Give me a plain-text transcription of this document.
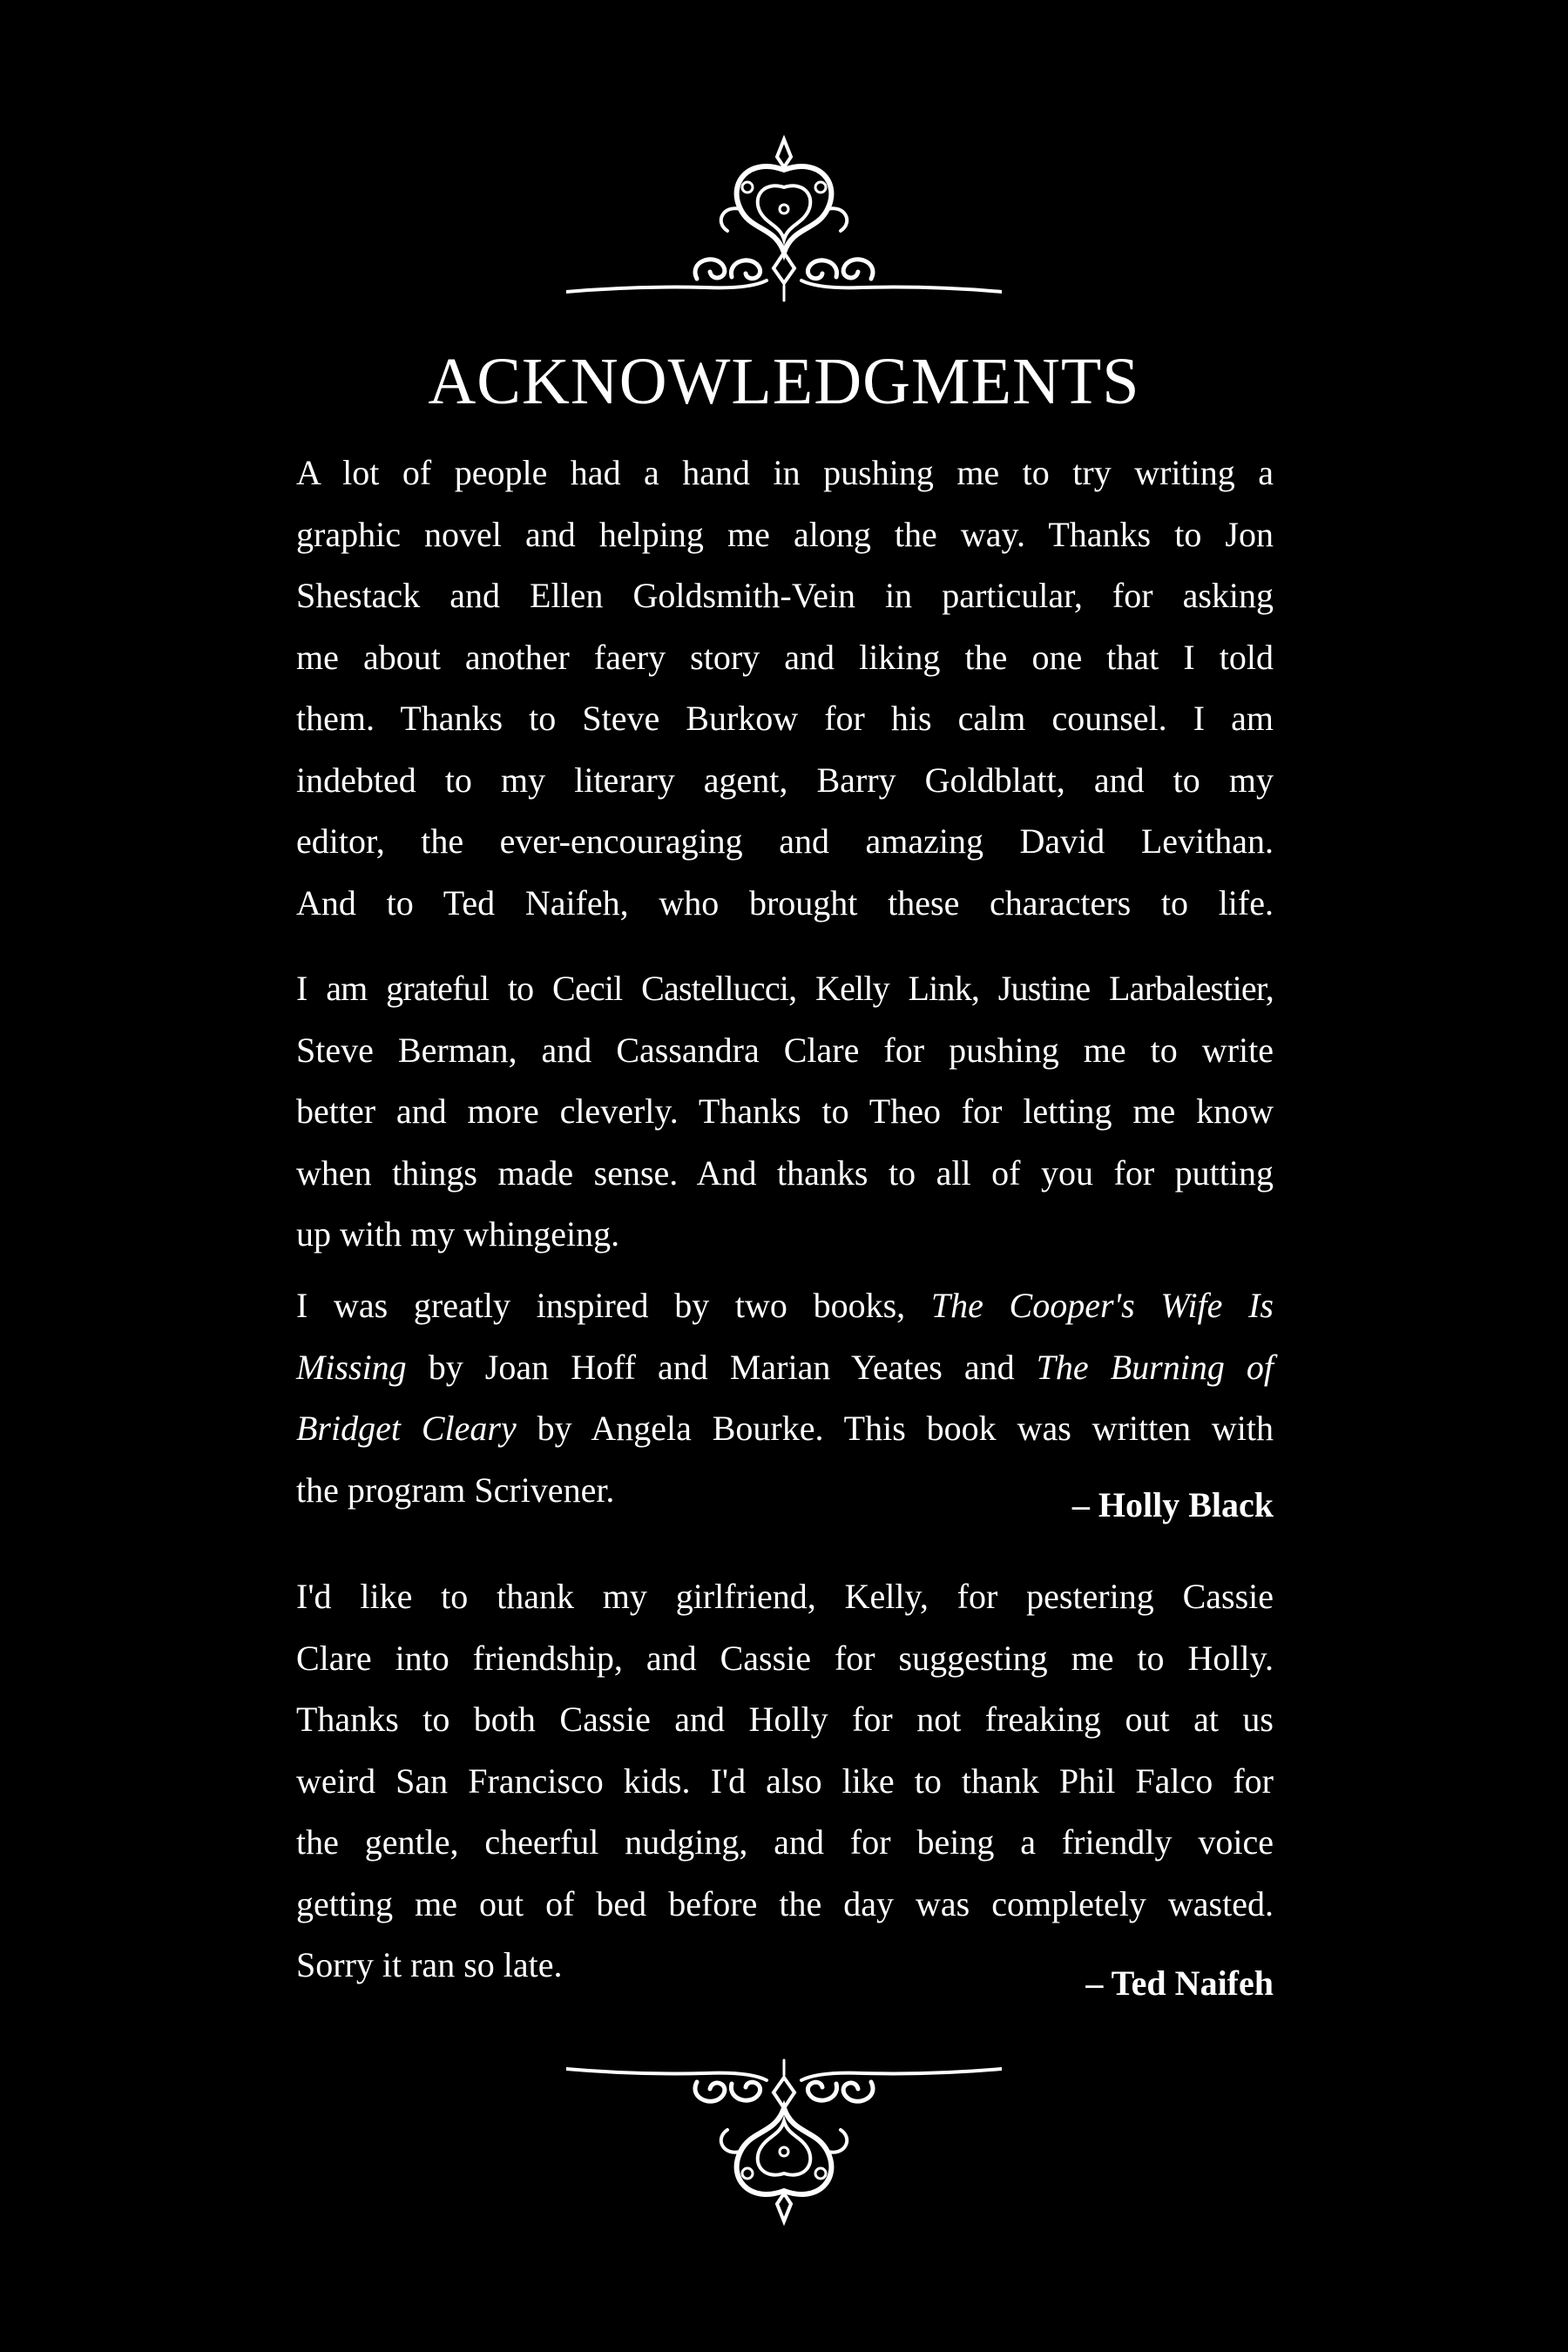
ACKNOWLEDGMENTS

A lot of people had a hand in pushing me to try writing a
graphic novel and helping me along the way. Thanks to Jon
Shestack and Ellen Goldsmith-Vein in particular, for asking
me about another faery story and liking the one that I told
them. Thanks to Steve Burkow for his calm counsel. I am
indebted to my literary agent, Barry Goldblatt, and to my
editor, the ever-encouraging and amazing David Levithan.
And to Ted Naifeh, who brought these characters to life.

I am grateful to Cecil Castellucci, Kelly Link, Justine Larbalestier,
Steve Berman, and Cassandra Clare for pushing me to write
better and more cleverly. Thanks to Theo for letting me know
when things made sense. And thanks to all of you for putting
up with my whingeing.

I was greatly inspired by two books, The Cooper's Wife Is
Missing by Joan Hoff and Marian Yeates and The Burning of
Bridget Cleary by Angela Bourke. This book was written with
the program Scrivener.	– Holly Black

I'd like to thank my girlfriend, Kelly, for pestering Cassie
Clare into friendship, and Cassie for suggesting me to Holly.
Thanks to both Cassie and Holly for not freaking out at us
weird San Francisco kids. I'd also like to thank Phil Falco for
the gentle, cheerful nudging, and for being a friendly voice
getting me out of bed before the day was completely wasted.
Sorry it ran so late.	– Ted Naifeh
